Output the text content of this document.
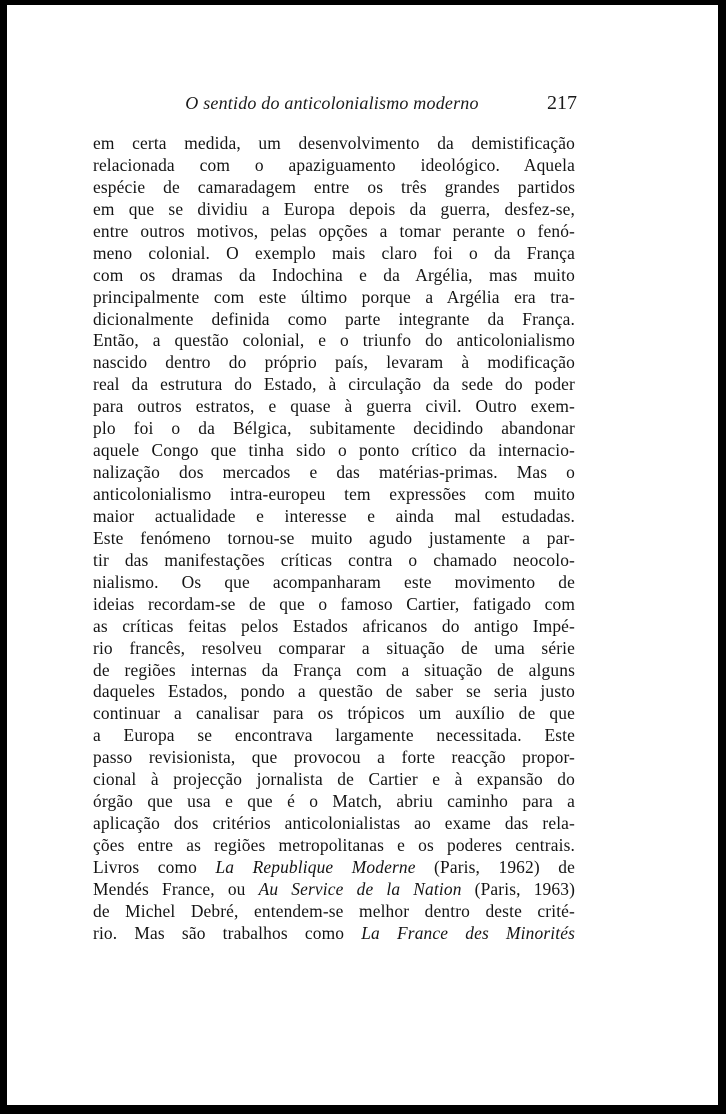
O sentido do anticolonialismo moderno	217
em certa medida, um desenvolvimento da demistificação
relacionada com o apaziguamento ideológico. Aquela
espécie de camaradagem entre os três grandes partidos
em que se dividiu a Europa depois da guerra, desfez-se,
entre outros motivos, pelas opções a tomar perante o fenó-
meno colonial. O exemplo mais claro foi o da França
com os dramas da Indochina e da Argélia, mas muito
principalmente com este último porque a Argélia era tra-
dicionalmente definida como parte integrante da França.
Então, a questão colonial, e o triunfo do anticolonialismo
nascido dentro do próprio país, levaram à modificação
real da estrutura do Estado, à circulação da sede do poder
para outros estratos, e quase à guerra civil. Outro exem-
plo foi o da Bélgica, subitamente decidindo abandonar
aquele Congo que tinha sido o ponto crítico da internacio-
nalização dos mercados e das matérias-primas. Mas o
anticolonialismo intra-europeu tem expressões com muito
maior actualidade e interesse e ainda mal estudadas.
Este fenómeno tornou-se muito agudo justamente a par-
tir das manifestações críticas contra o chamado neocolo-
nialismo. Os que acompanharam este movimento de
ideias recordam-se de que o famoso Cartier, fatigado com
as críticas feitas pelos Estados africanos do antigo Impé-
rio francês, resolveu comparar a situação de uma série
de regiões internas da França com a situação de alguns
daqueles Estados, pondo a questão de saber se seria justo
continuar a canalisar para os trópicos um auxílio de que
a Europa se encontrava largamente necessitada. Este
passo revisionista, que provocou a forte reacção propor-
cional à projecção jornalista de Cartier e à expansão do
órgão que usa e que é o Match, abriu caminho para a
aplicação dos critérios anticolonialistas ao exame das rela-
ções entre as regiões metropolitanas e os poderes centrais.
Livros como La Republique Moderne (Paris, 1962) de
Mendés France, ou Au Service de la Nation (Paris, 1963)
de Michel Debré, entendem-se melhor dentro deste crité-
rio. Mas são trabalhos como La France des Minorités
